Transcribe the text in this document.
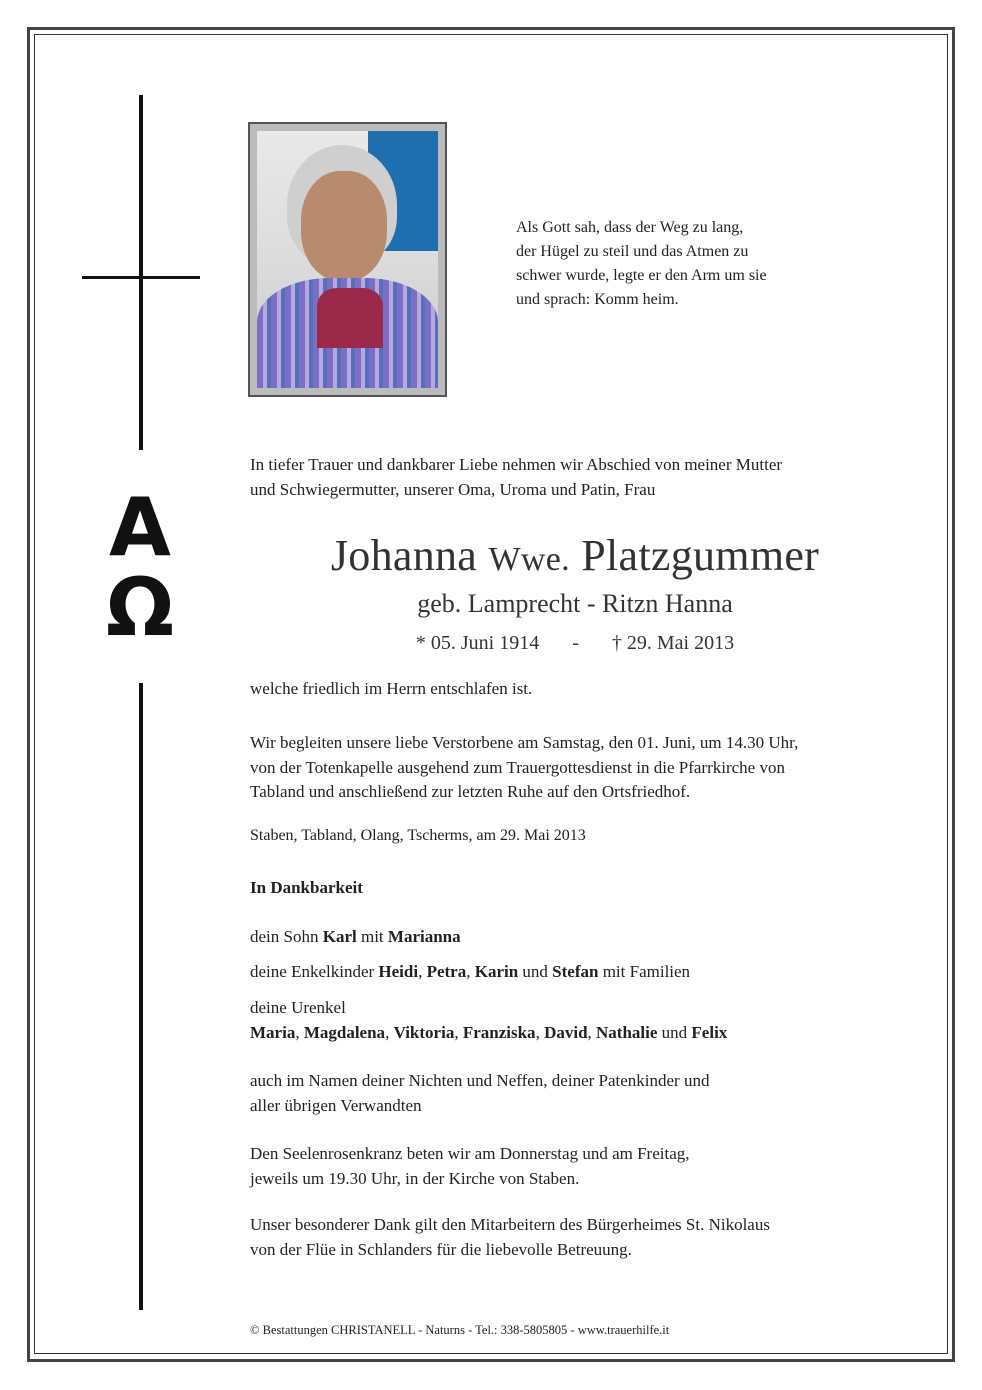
A
Ω
Als Gott sah, dass der Weg zu lang,
der Hügel zu steil und das Atmen zu
schwer wurde, legte er den Arm um sie
und sprach: Komm heim.
In tiefer Trauer und dankbarer Liebe nehmen wir Abschied von meiner Mutter
und Schwiegermutter, unserer Oma, Uroma und Patin, Frau
Johanna Wwe. Platzgummer
geb. Lamprecht - Ritzn Hanna
* 05. Juni 1914 - † 29. Mai 2013
welche friedlich im Herrn entschlafen ist.
Wir begleiten unsere liebe Verstorbene am Samstag, den 01. Juni, um 14.30 Uhr,
von der Totenkapelle ausgehend zum Trauergottesdienst in die Pfarrkirche von
Tabland und anschließend zur letzten Ruhe auf den Ortsfriedhof.
Staben, Tabland, Olang, Tscherms, am 29. Mai 2013
In Dankbarkeit
dein Sohn Karl mit Marianna
deine Enkelkinder Heidi, Petra, Karin und Stefan mit Familien
deine Urenkel
Maria, Magdalena, Viktoria, Franziska, David, Nathalie und Felix
auch im Namen deiner Nichten und Neffen, deiner Patenkinder und
aller übrigen Verwandten
Den Seelenrosenkranz beten wir am Donnerstag und am Freitag,
jeweils um 19.30 Uhr, in der Kirche von Staben.
Unser besonderer Dank gilt den Mitarbeitern des Bürgerheimes St. Nikolaus
von der Flüe in Schlanders für die liebevolle Betreuung.
© Bestattungen CHRISTANELL - Naturns - Tel.: 338-5805805 - www.trauerhilfe.it
